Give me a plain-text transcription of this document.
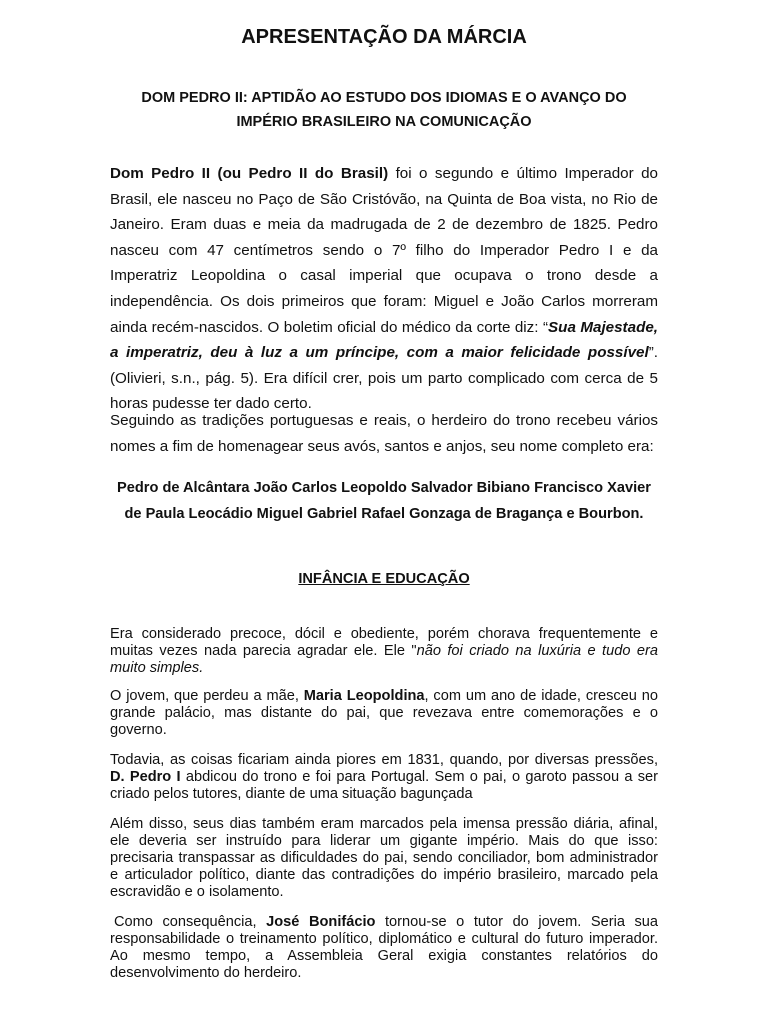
APRESENTAÇÃO DA MÁRCIA
DOM PEDRO II: APTIDÃO AO ESTUDO DOS IDIOMAS E O AVANÇO DO
IMPÉRIO BRASILEIRO NA COMUNICAÇÃO

Dom Pedro II (ou Pedro II do Brasil) foi o segundo e último Imperador do Brasil, ele nasceu no Paço de São Cristóvão, na Quinta de Boa vista, no Rio de Janeiro. Eram duas e meia da madrugada de 2 de dezembro de 1825. Pedro nasceu com 47 centímetros sendo o 7º filho do Imperador Pedro I e da Imperatriz Leopoldina o casal imperial que ocupava o trono desde a independência. Os dois primeiros que foram: Miguel e João Carlos morreram ainda recém-nascidos. O boletim oficial do médico da corte diz: “Sua Majestade, a imperatriz, deu à luz a um príncipe, com a maior felicidade possível”. (Olivieri, s.n., pág. 5). Era difícil crer, pois um parto complicado com cerca de 5 horas pudesse ter dado certo.

Seguindo as tradições portuguesas e reais, o herdeiro do trono recebeu vários nomes a fim de homenagear seus avós, santos e anjos, seu nome completo era:

Pedro de Alcântara João Carlos Leopoldo Salvador Bibiano Francisco Xavier de Paula Leocádio Miguel Gabriel Rafael Gonzaga de Bragança e Bourbon.

INFÂNCIA E EDUCAÇÃO

Era considerado precoce, dócil e obediente, porém chorava frequentemente e muitas vezes nada parecia agradar ele. Ele "não foi criado na luxúria e tudo era muito simples.

O jovem, que perdeu a mãe, Maria Leopoldina, com um ano de idade, cresceu no grande palácio, mas distante do pai, que revezava entre comemorações e o governo.

Todavia, as coisas ficariam ainda piores em 1831, quando, por diversas pressões, D. Pedro I abdicou do trono e foi para Portugal. Sem o pai, o garoto passou a ser criado pelos tutores, diante de uma situação bagunçada

Além disso, seus dias também eram marcados pela imensa pressão diária, afinal, ele deveria ser instruído para liderar um gigante império. Mais do que isso: precisaria transpassar as dificuldades do pai, sendo conciliador, bom administrador e articulador político, diante das contradições do império brasileiro, marcado pela escravidão e o isolamento.

Como consequência, José Bonifácio tornou-se o tutor do jovem. Seria sua responsabilidade o treinamento político, diplomático e cultural do futuro imperador. Ao mesmo tempo, a Assembleia Geral exigia constantes relatórios do desenvolvimento do herdeiro.
